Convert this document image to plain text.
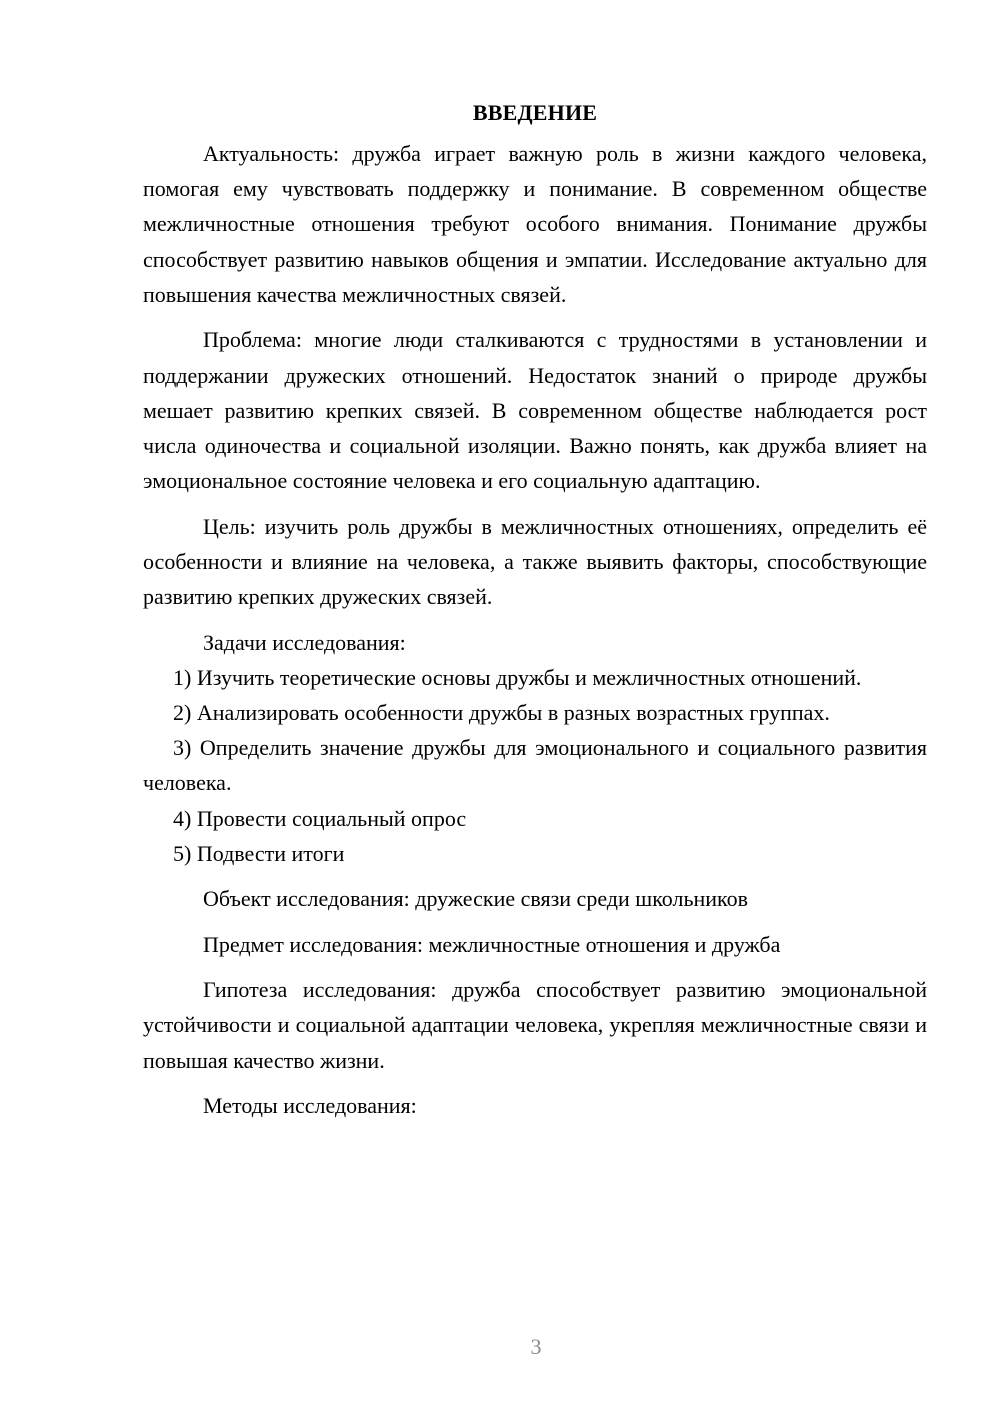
ВВЕДЕНИЕ

Актуальность: дружба играет важную роль в жизни каждого человека, помогая ему чувствовать поддержку и понимание. В современном обществе межличностные отношения требуют особого внимания. Понимание дружбы способствует развитию навыков общения и эмпатии. Исследование актуально для повышения качества межличностных связей.

Проблема: многие люди сталкиваются с трудностями в установлении и поддержании дружеских отношений. Недостаток знаний о природе дружбы мешает развитию крепких связей. В современном обществе наблюдается рост числа одиночества и социальной изоляции. Важно понять, как дружба влияет на эмоциональное состояние человека и его социальную адаптацию.

Цель: изучить роль дружбы в межличностных отношениях, определить её особенности и влияние на человека, а также выявить факторы, способствующие развитию крепких дружеских связей.

Задачи исследования:

1) Изучить теоретические основы дружбы и межличностных отношений.

2) Анализировать особенности дружбы в разных возрастных группах.

3) Определить значение дружбы для эмоционального и социального развития человека.

4) Провести социальный опрос

5) Подвести итоги

Объект исследования: дружеские связи среди школьников

Предмет исследования: межличностные отношения и дружба

Гипотеза исследования: дружба способствует развитию эмоциональной устойчивости и социальной адаптации человека, укрепляя межличностные связи и повышая качество жизни.

Методы исследования:

3
